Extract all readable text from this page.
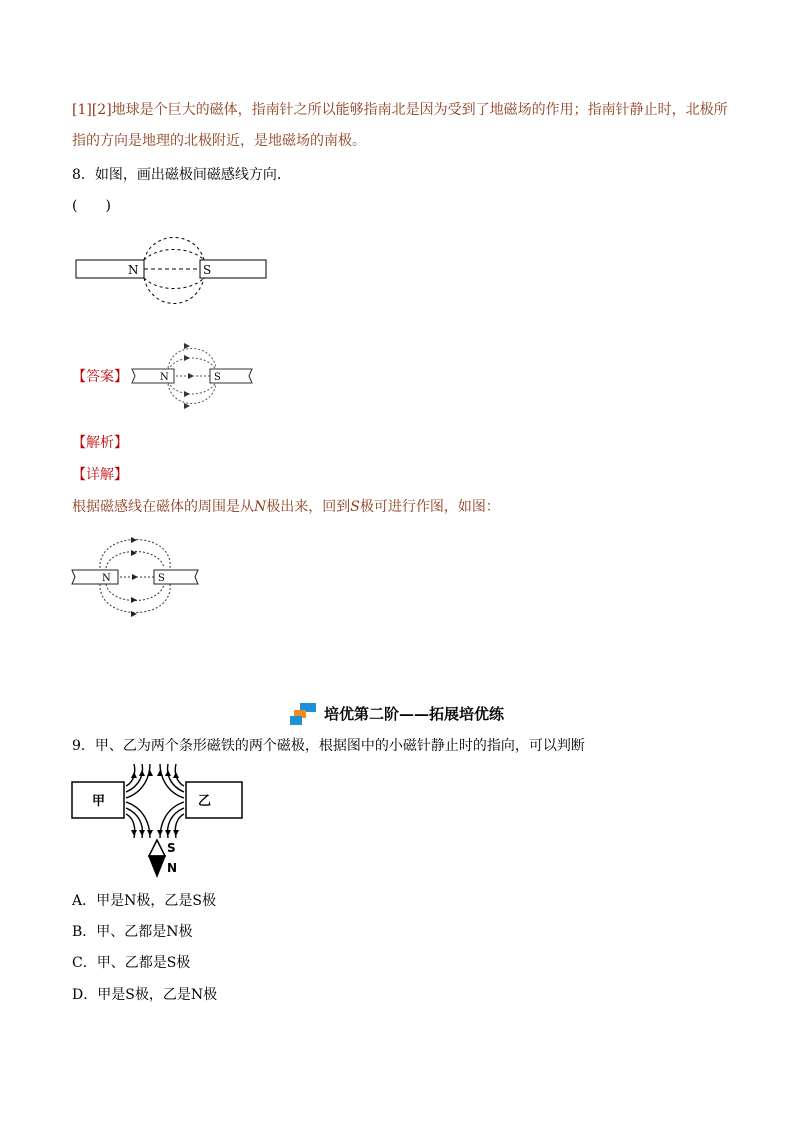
[1][2]地球是个巨大的磁体，指南针之所以能够指南北是因为受到了地磁场的作用；指南针静止时，北极所
指的方向是地理的北极附近，是地磁场的南极。
8．如图，画出磁极间磁感线方向．
(　　)
N	S
【答案】	N	S
【解析】
【详解】
根据磁感线在磁体的周围是从N极出来，回到S极可进行作图，如图：
N	S
培优第二阶——拓展培优练
9．甲、乙为两个条形磁铁的两个磁极，根据图中的小磁针静止时的指向，可以判断
甲	乙
S
N
A．甲是N极，乙是S极
B．甲、乙都是N极
C．甲、乙都是S极
D．甲是S极，乙是N极
